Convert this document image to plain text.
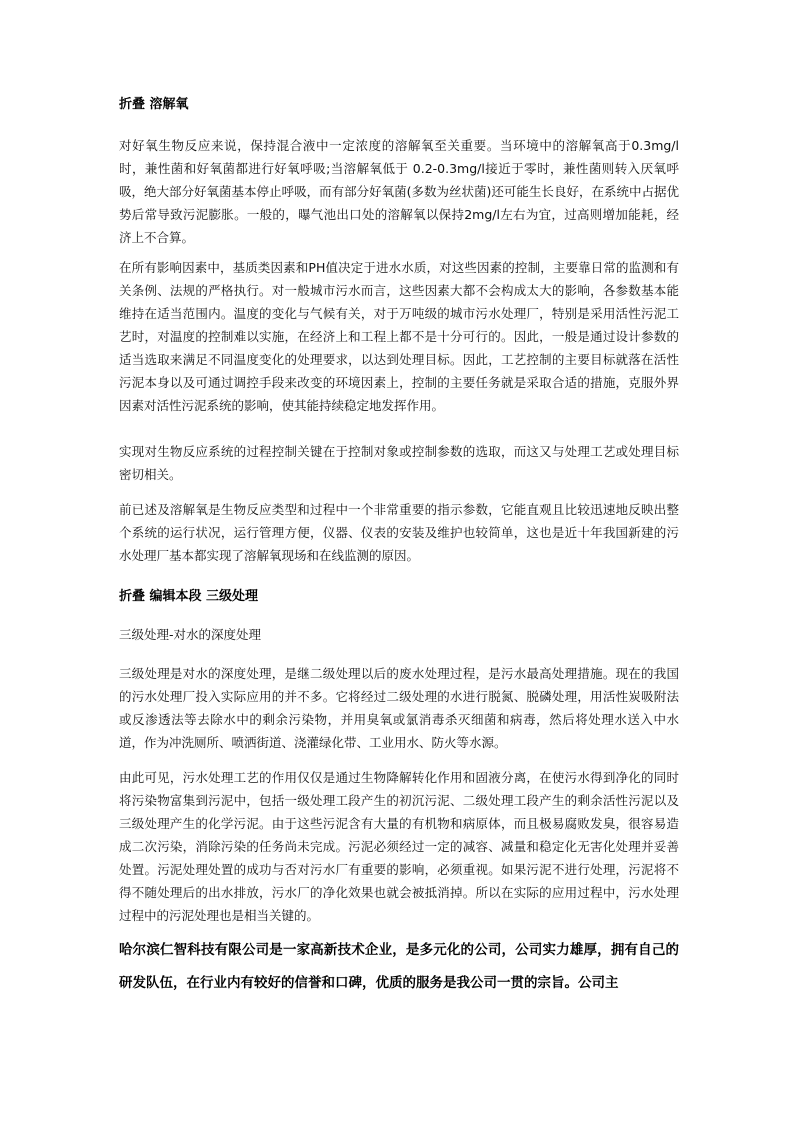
折叠 溶解氧

对好氧生物反应来说，保持混合液中一定浓度的溶解氧至关重要。当环境中的溶解氧高于0.3mg/l时，兼性菌和好氧菌都进行好氧呼吸;当溶解氧低于 0.2-0.3mg/l接近于零时，兼性菌则转入厌氧呼吸，绝大部分好氧菌基本停止呼吸，而有部分好氧菌(多数为丝状菌)还可能生长良好，在系统中占据优势后常导致污泥膨胀。一般的，曝气池出口处的溶解氧以保持2mg/l左右为宜，过高则增加能耗，经济上不合算。

在所有影响因素中，基质类因素和PH值决定于进水水质，对这些因素的控制，主要靠日常的监测和有关条例、法规的严格执行。对一般城市污水而言，这些因素大都不会构成太大的影响，各参数基本能维持在适当范围内。温度的变化与气候有关，对于万吨级的城市污水处理厂，特别是采用活性污泥工艺时，对温度的控制难以实施，在经济上和工程上都不是十分可行的。因此，一般是通过设计参数的适当选取来满足不同温度变化的处理要求，以达到处理目标。因此，工艺控制的主要目标就落在活性污泥本身以及可通过调控手段来改变的环境因素上，控制的主要任务就是采取合适的措施，克服外界因素对活性污泥系统的影响，使其能持续稳定地发挥作用。

实现对生物反应系统的过程控制关键在于控制对象或控制参数的选取，而这又与处理工艺或处理目标密切相关。

前已述及溶解氧是生物反应类型和过程中一个非常重要的指示参数，它能直观且比较迅速地反映出整个系统的运行状况，运行管理方便，仪器、仪表的安装及维护也较简单，这也是近十年我国新建的污水处理厂基本都实现了溶解氧现场和在线监测的原因。

折叠 编辑本段 三级处理

三级处理-对水的深度处理

三级处理是对水的深度处理，是继二级处理以后的废水处理过程，是污水最高处理措施。现在的我国的污水处理厂投入实际应用的并不多。它将经过二级处理的水进行脱氮、脱磷处理，用活性炭吸附法或反渗透法等去除水中的剩余污染物，并用臭氧或氯消毒杀灭细菌和病毒，然后将处理水送入中水道，作为冲洗厕所、喷洒街道、浇灌绿化带、工业用水、防火等水源。

由此可见，污水处理工艺的作用仅仅是通过生物降解转化作用和固液分离，在使污水得到净化的同时将污染物富集到污泥中，包括一级处理工段产生的初沉污泥、二级处理工段产生的剩余活性污泥以及三级处理产生的化学污泥。由于这些污泥含有大量的有机物和病原体，而且极易腐败发臭，很容易造成二次污染，消除污染的任务尚未完成。污泥必须经过一定的减容、减量和稳定化无害化处理并妥善处置。污泥处理处置的成功与否对污水厂有重要的影响，必须重视。如果污泥不进行处理，污泥将不得不随处理后的出水排放，污水厂的净化效果也就会被抵消掉。所以在实际的应用过程中，污水处理过程中的污泥处理也是相当关键的。

哈尔滨仁智科技有限公司是一家高新技术企业，是多元化的公司，公司实力雄厚，拥有自己的研发队伍，在行业内有较好的信誉和口碑，优质的服务是我公司一贯的宗旨。公司主
